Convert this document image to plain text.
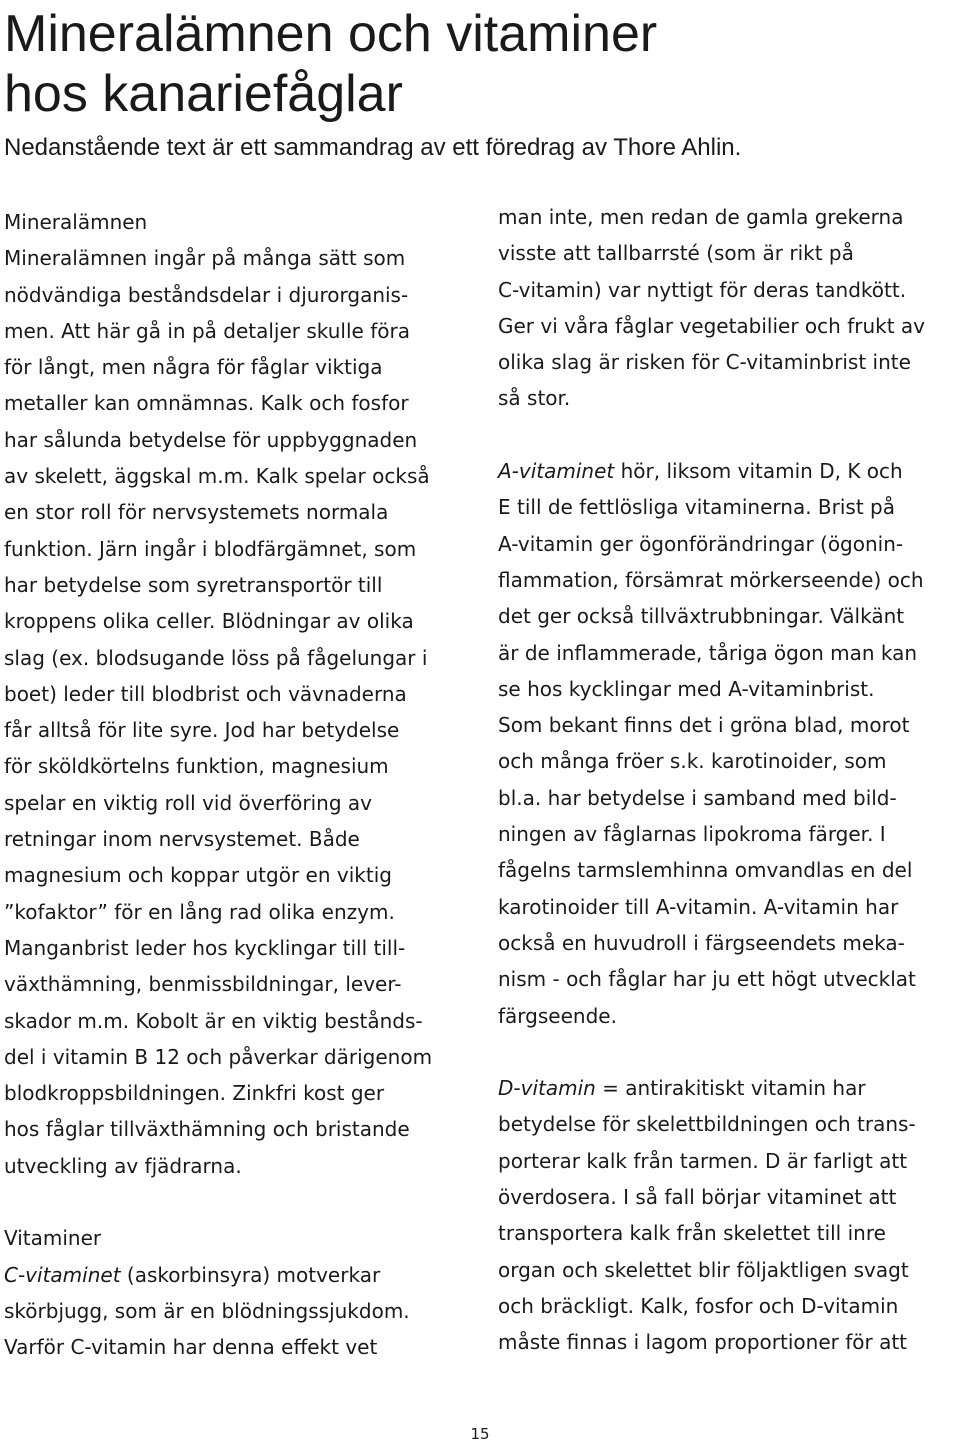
Mineralämnen och vitaminer
hos kanariefåglar

Nedanstående text är ett sammandrag av ett föredrag av Thore Ahlin.

Mineralämnen

Mineralämnen ingår på många sätt som
nödvändiga beståndsdelar i djurorganis-
men. Att här gå in på detaljer skulle föra
för långt, men några för fåglar viktiga
metaller kan omnämnas. Kalk och fosfor
har sålunda betydelse för uppbyggnaden
av skelett, äggskal m.m. Kalk spelar också
en stor roll för nervsystemets normala
funktion. Järn ingår i blodfärgämnet, som
har betydelse som syretransportör till
kroppens olika celler. Blödningar av olika
slag (ex. blodsugande löss på fågelungar i
boet) leder till blodbrist och vävnaderna
får alltså för lite syre. Jod har betydelse
för sköldkörtelns funktion, magnesium
spelar en viktig roll vid överföring av
retningar inom nervsystemet. Både
magnesium och koppar utgör en viktig
”kofaktor” för en lång rad olika enzym.
Manganbrist leder hos kycklingar till till-
växthämning, benmissbildningar, lever-
skador m.m. Kobolt är en viktig bestånds-
del i vitamin B 12 och påverkar därigenom
blodkroppsbildningen. Zinkfri kost ger
hos fåglar tillväxthämning och bristande
utveckling av fjädrarna.

Vitaminer

C-vitaminet (askorbinsyra) motverkar
skörbjugg, som är en blödningssjukdom.
Varför C-vitamin har denna effekt vet

man inte, men redan de gamla grekerna
visste att tallbarrsté (som är rikt på
C-vitamin) var nyttigt för deras tandkött.
Ger vi våra fåglar vegetabilier och frukt av
olika slag är risken för C-vitaminbrist inte
så stor.

A-vitaminet hör, liksom vitamin D, K och
E till de fettlösliga vitaminerna. Brist på
A-vitamin ger ögonförändringar (ögonin-
flammation, försämrat mörkerseende) och
det ger också tillväxtrubbningar. Välkänt
är de inflammerade, tåriga ögon man kan
se hos kycklingar med A-vitaminbrist.
Som bekant finns det i gröna blad, morot
och många fröer s.k. karotinoider, som
bl.a. har betydelse i samband med bild-
ningen av fåglarnas lipokroma färger. I
fågelns tarmslemhinna omvandlas en del
karotinoider till A-vitamin. A-vitamin har
också en huvudroll i färgseendets meka-
nism - och fåglar har ju ett högt utvecklat
färgseende.

D-vitamin = antirakitiskt vitamin har
betydelse för skelettbildningen och trans-
porterar kalk från tarmen. D är farligt att
överdosera. I så fall börjar vitaminet att
transportera kalk från skelettet till inre
organ och skelettet blir följaktligen svagt
och bräckligt. Kalk, fosfor och D-vitamin
måste finnas i lagom proportioner för att

15
